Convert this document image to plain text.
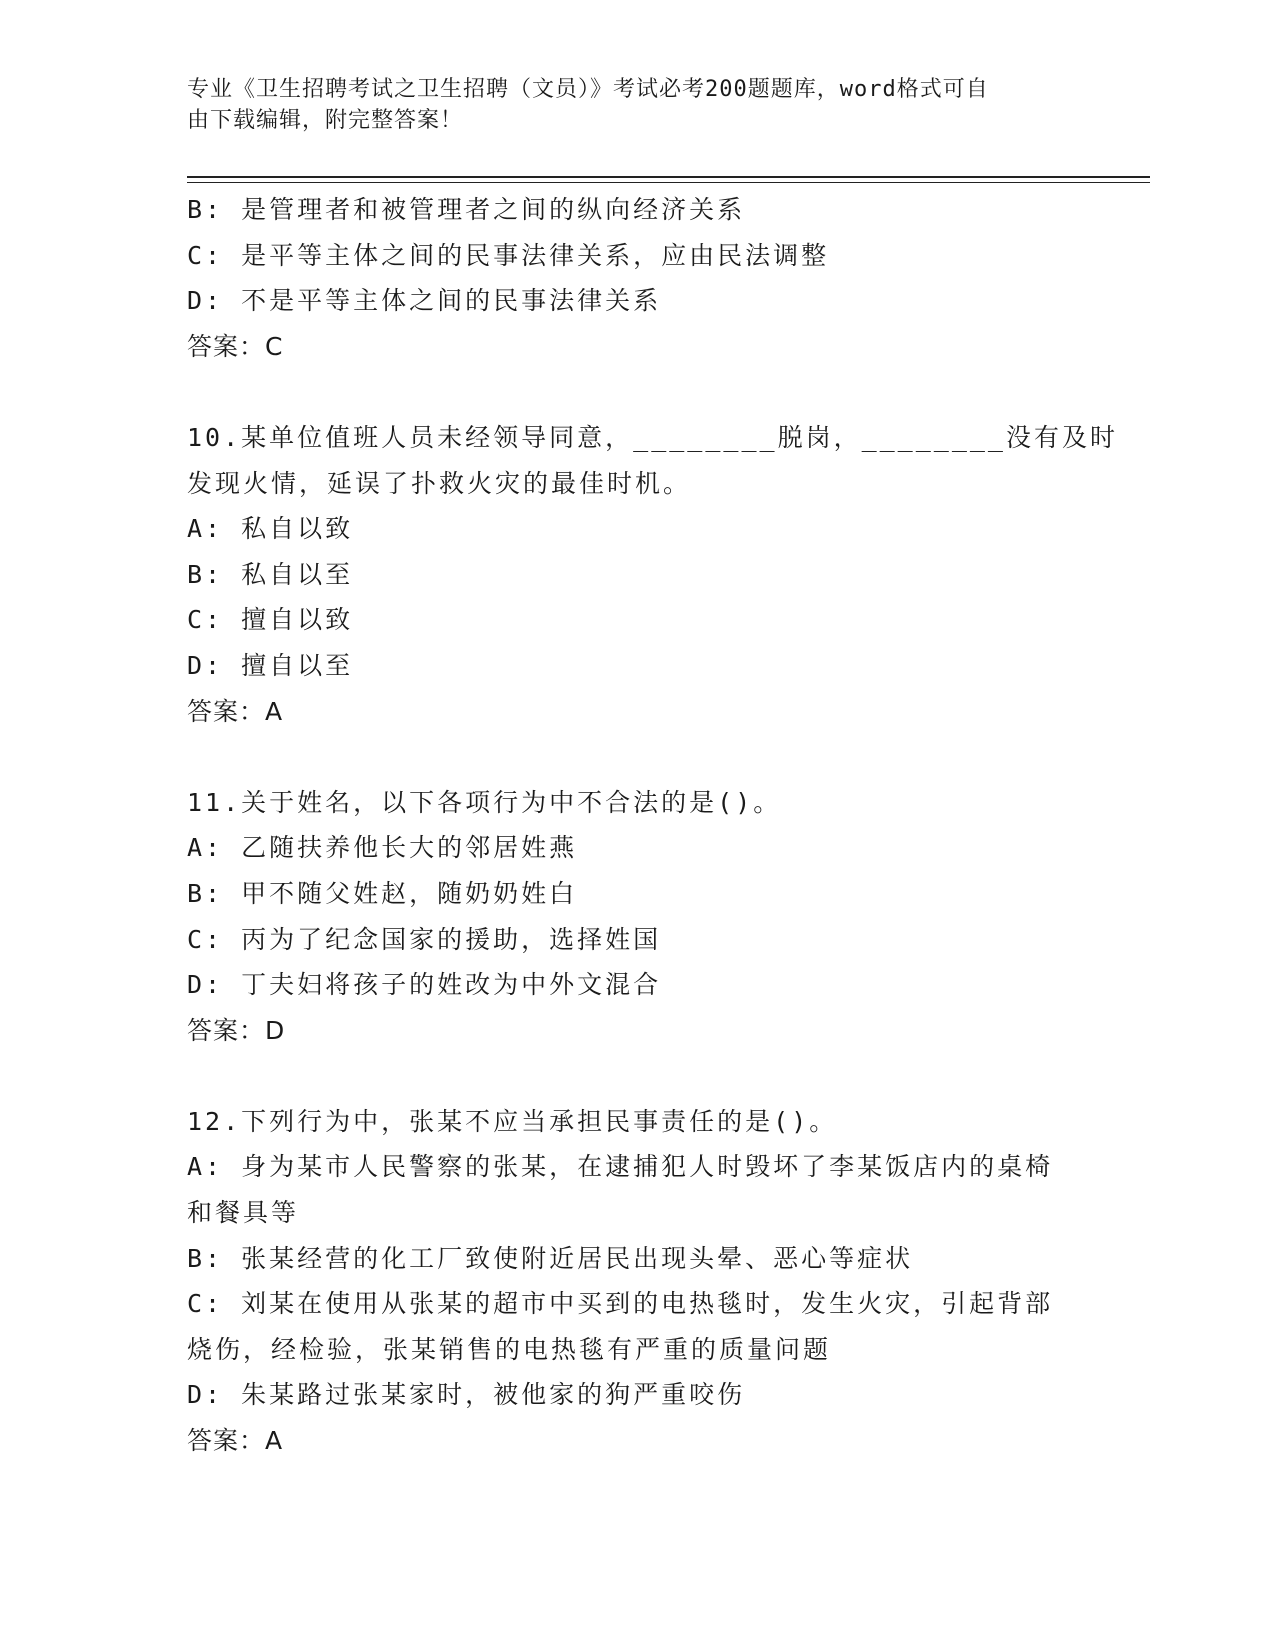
专业《卫生招聘考试之卫生招聘（文员）》考试必考200题题库，word格式可自
由下载编辑，附完整答案！
B: 是管理者和被管理者之间的纵向经济关系
C: 是平等主体之间的民事法律关系，应由民法调整
D: 不是平等主体之间的民事法律关系
答案：C
10.某单位值班人员未经领导同意，________脱岗，________没有及时
发现火情，延误了扑救火灾的最佳时机。
A: 私自以致
B: 私自以至
C: 擅自以致
D: 擅自以至
答案：A
11.关于姓名，以下各项行为中不合法的是()。
A: 乙随扶养他长大的邻居姓燕
B: 甲不随父姓赵，随奶奶姓白
C: 丙为了纪念国家的援助，选择姓国
D: 丁夫妇将孩子的姓改为中外文混合
答案：D
12.下列行为中，张某不应当承担民事责任的是()。
A: 身为某市人民警察的张某，在逮捕犯人时毁坏了李某饭店内的桌椅
和餐具等
B: 张某经营的化工厂致使附近居民出现头晕、恶心等症状
C: 刘某在使用从张某的超市中买到的电热毯时，发生火灾，引起背部
烧伤，经检验，张某销售的电热毯有严重的质量问题
D: 朱某路过张某家时，被他家的狗严重咬伤
答案：A
